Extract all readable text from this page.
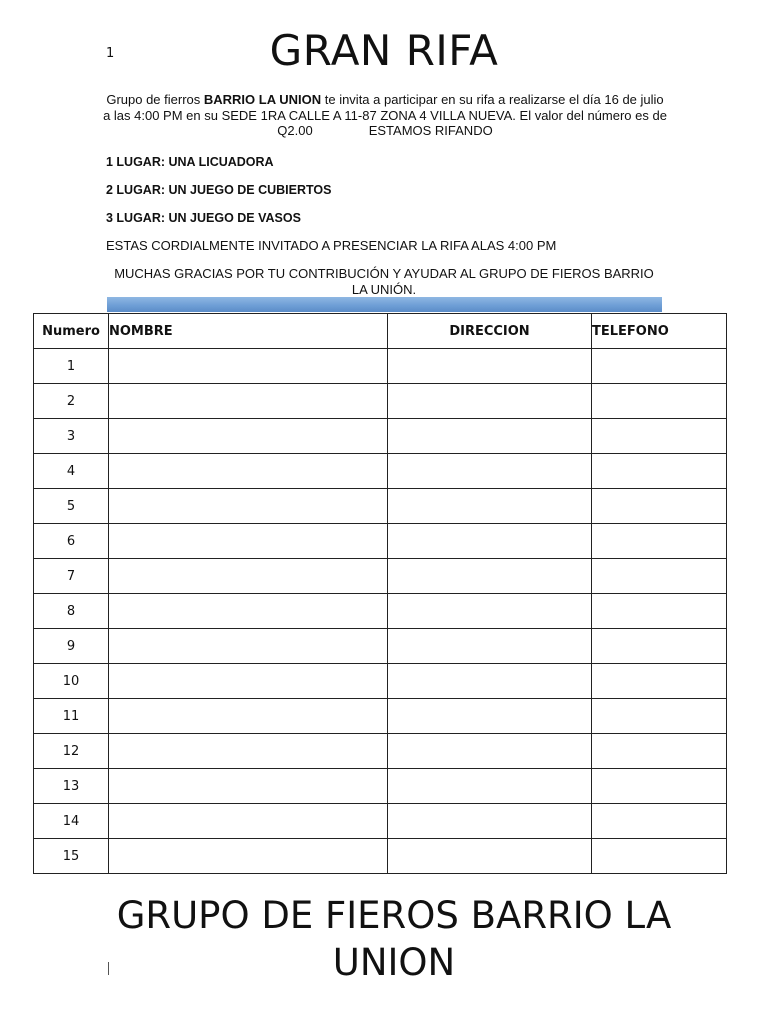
1	GRAN RIFA
Grupo de fierros BARRIO LA UNION te invita a participar en su rifa a realizarse el día 16 de julio a las 4:00 PM en su SEDE 1RA CALLE A 11-87 ZONA 4 VILLA NUEVA. El valor del número es de Q2.00	ESTAMOS RIFANDO
1 LUGAR: UNA LICUADORA
2 LUGAR: UN JUEGO DE CUBIERTOS
3 LUGAR: UN JUEGO DE VASOS
ESTAS CORDIALMENTE INVITADO A PRESENCIAR LA RIFA ALAS 4:00 PM
MUCHAS GRACIAS POR TU CONTRIBUCIÓN Y AYUDAR AL GRUPO DE FIEROS BARRIO LA UNIÓN.
Numero	NOMBRE	DIRECCION	TELEFONO
1			
2			
3			
4			
5			
6			
7			
8			
9			
10			
11			
12			
13			
14			
15			
GRUPO DE FIEROS BARRIO LA UNION
